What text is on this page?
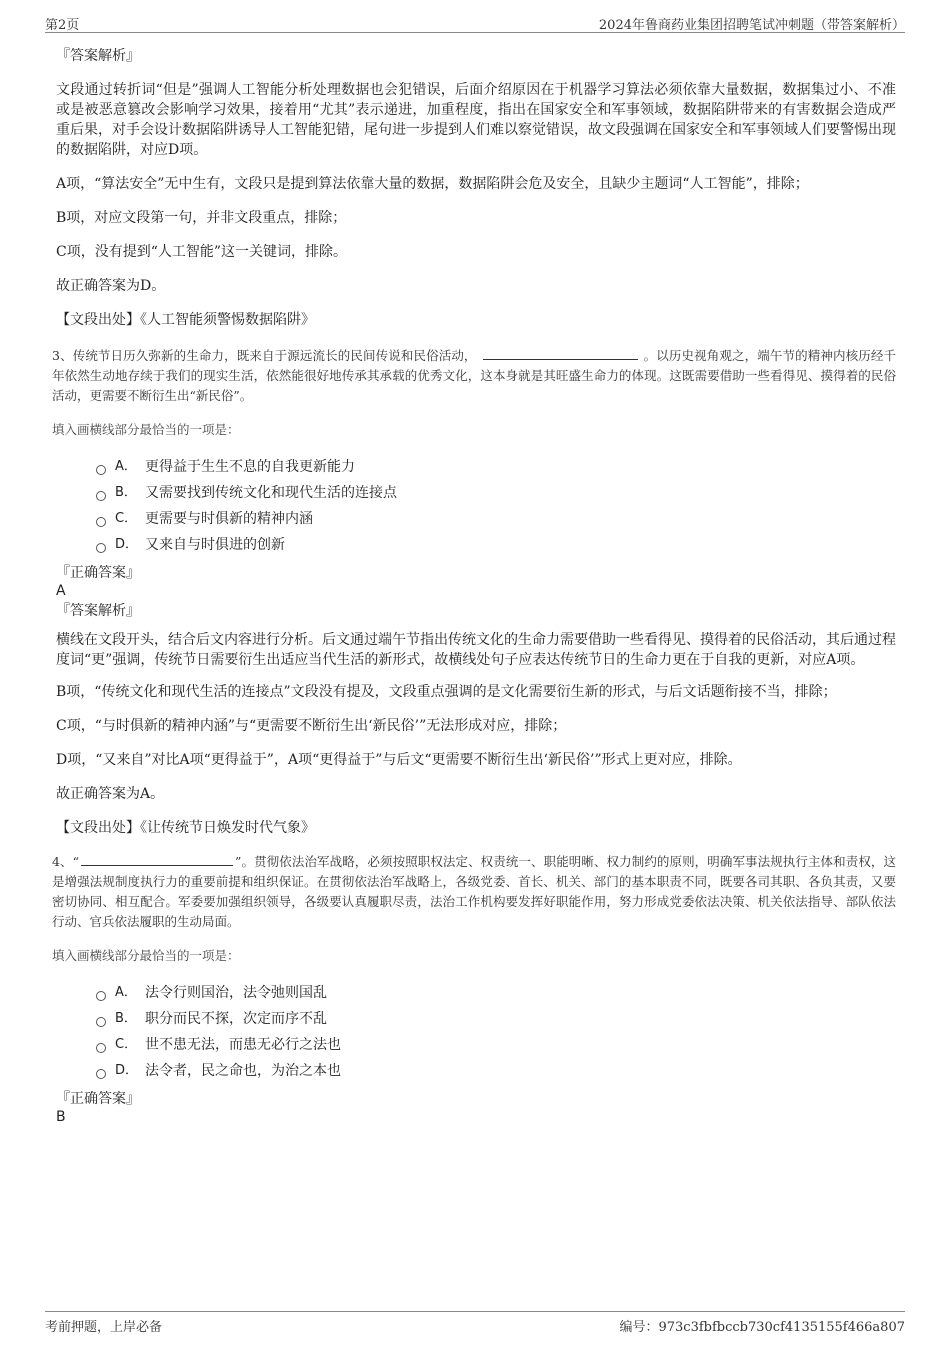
第2页	2024年鲁商药业集团招聘笔试冲刺题（带答案解析）

『答案解析』

文段通过转折词“但是”强调人工智能分析处理数据也会犯错误，后面介绍原因在于机器学习算法必须依靠大量数据，数据集过小、不准或是被恶意篡改会影响学习效果，接着用“尤其”表示递进，加重程度，指出在国家安全和军事领域，数据陷阱带来的有害数据会造成严重后果，对手会设计数据陷阱诱导人工智能犯错，尾句进一步提到人们难以察觉错误，故文段强调在国家安全和军事领域人们要警惕出现的数据陷阱，对应D项。

A项，“算法安全”无中生有，文段只是提到算法依靠大量的数据，数据陷阱会危及安全，且缺少主题词“人工智能”，排除；

B项，对应文段第一句，并非文段重点，排除；

C项，没有提到“人工智能”这一关键词，排除。

故正确答案为D。

【文段出处】《人工智能须警惕数据陷阱》

3、传统节日历久弥新的生命力，既来自于源远流长的民间传说和民俗活动，	。以历史视角观之，端午节的精神内核历经千年依然生动地存续于我们的现实生活，依然能很好地传承其承载的优秀文化，这本身就是其旺盛生命力的体现。这既需要借助一些看得见、摸得着的民俗活动，更需要不断衍生出“新民俗”。

填入画横线部分最恰当的一项是：

A． 更得益于生生不息的自我更新能力
B． 又需要找到传统文化和现代生活的连接点
C． 更需要与时俱新的精神内涵
D． 又来自与时俱进的创新

『正确答案』

A

『答案解析』

横线在文段开头，结合后文内容进行分析。后文通过端午节指出传统文化的生命力需要借助一些看得见、摸得着的民俗活动，其后通过程度词“更”强调，传统节日需要衍生出适应当代生活的新形式，故横线处句子应表达传统节日的生命力更在于自我的更新，对应A项。

B项，“传统文化和现代生活的连接点”文段没有提及，文段重点强调的是文化需要衍生新的形式，与后文话题衔接不当，排除；

C项，“与时俱新的精神内涵”与“更需要不断衍生出‘新民俗’”无法形成对应，排除；

D项，“又来自”对比A项“更得益于”，A项“更得益于”与后文“更需要不断衍生出‘新民俗’”形式上更对应，排除。

故正确答案为A。

【文段出处】《让传统节日焕发时代气象》

4、“	”。贯彻依法治军战略，必须按照职权法定、权责统一、职能明晰、权力制约的原则，明确军事法规执行主体和责权，这是增强法规制度执行力的重要前提和组织保证。在贯彻依法治军战略上，各级党委、首长、机关、部门的基本职责不同，既要各司其职、各负其责，又要密切协同、相互配合。军委要加强组织领导，各级要认真履职尽责，法治工作机构要发挥好职能作用，努力形成党委依法决策、机关依法指导、部队依法行动、官兵依法履职的生动局面。

填入画横线部分最恰当的一项是：

A． 法令行则国治，法令弛则国乱
B． 职分而民不探，次定而序不乱
C． 世不患无法，而患无必行之法也
D． 法令者，民之命也，为治之本也

『正确答案』

B

考前押题，上岸必备	编号：973c3fbfbccb730cf4135155f466a807
